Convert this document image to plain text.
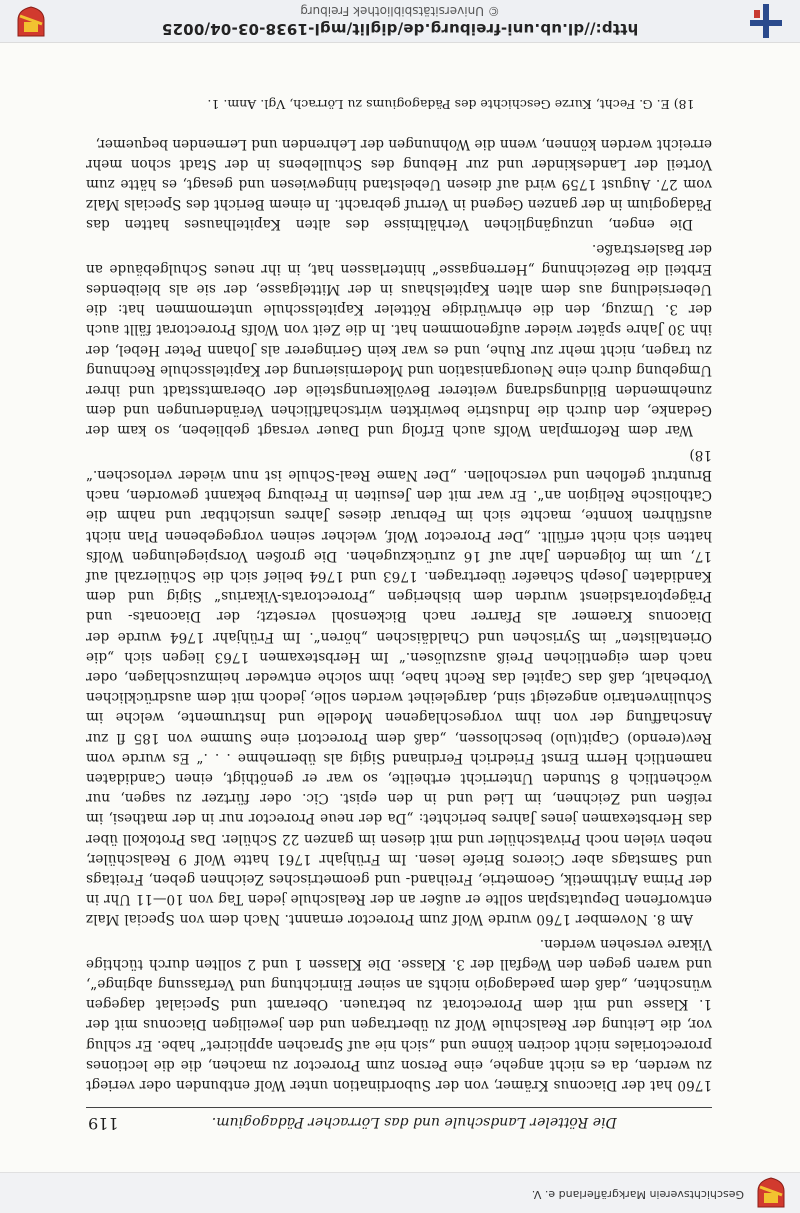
Geschichtsverein Markgräflerland e. V.
Die Rötteler Landschule und das Lörracher Pädagogium.
119

1760 hat der Diaconus Krämer, von der Subordination unter Wolf entbunden oder veriegt zu werden, da es nicht angehe, eine Person zum Prorector zu machen, die die lectiones prorectoriales nicht dociren könne und „sich nie auf Sprachen appliciret“ habe. Er schlug vor, die Leitung der Realschule Wolf zu übertragen und den jeweiligen Diaconus mit der 1. Klasse und mit dem Prorectorat zu betrauen. Oberamt und Specialat dagegen wünschten, „daß dem paedagogio nichts an seiner Einrichtung und Verfassung abginge“, und waren gegen den Wegfall der 3. Klasse. Die Klassen 1 und 2 sollten durch tüchtige Vikare versehen werden.

Am 8. November 1760 wurde Wolf zum Prorector ernannt. Nach dem von Special Malz entworfenen Deputatsplan sollte er außer an der Realschule jeden Tag von 10—11 Uhr in der Prima Arithmetik, Geometrie, Freihand- und geometrisches Zeichnen geben, Freitags und Samstags aber Ciceros Briefe lesen. Im Frühjahr 1761 hatte Wolf 9 Realschüler, neben vielen noch Privatschüler und mit diesen im ganzen 22 Schüler. Das Protokoll über das Herbstexamen jenes Jahres berichtet: „Da der neue Prorector nur in der mathesi, im reißen und Zeichnen, im Lied und in den epist. Cic. oder fürtzer zu sagen, nur wöchentlich 8 Stunden Unterricht ertheilte, so war er genöthigt, einen Candidaten namentlich Herrn Ernst Friedrich Ferdinand Sigig als übernehme . . .“ Es wurde vom Rev(erendo) Capit(ulo) beschlossen, „daß dem Prorectori eine Summe von 185 fl zur Anschaffung der von ihm vorgeschlagenen Modelle und Instrumente, welche im Schulinventario angezeigt sind, dargeleihet werden solle, jedoch mit dem ausdrücklichen Vorbehalt, daß das Capitel das Recht habe, ihm solche entweder heimzuschlagen, oder nach dem eigentlichen Preiß auszulösen.“ Im Herbstexamen 1763 liegen sich „die Orientalisten“ im Syrischen und Chaldäischen „hören“. Im Frühjahr 1764 wurde der Diaconus Kraemer als Pfarrer nach Bickensohl versetzt; der Diaconats- und Prägeptoratsdienst wurden dem bisherigen „Prorectorats-Vikarius“ Sigig und dem Kandidaten Joseph Schaefer übertragen. 1763 und 1764 belief sich die Schülerzahl auf 17, um im folgenden Jahr auf 16 zurückzugehen. Die großen Vorspiegelungen Wolfs hatten sich nicht erfüllt. „Der Prorector Wolf, welcher seinen vorgegebenen Plan nicht ausführen konnte, machte sich im Februar dieses Jahres unsichtbar und nahm die Catholische Religion an“. Er war mit den Jesuiten in Freiburg bekannt geworden, nach Bruntrut geflohen und verschollen. „Der Name Real-Schule ist nun wieder verloschen.“ 18)

War dem Reformplan Wolfs auch Erfolg und Dauer versagt geblieben, so kam der Gedanke, den durch die Industrie bewirkten wirtschaftlichen Veränderungen und dem zunehmenden Bildungsdrang weiterer Bevölkerungsteile der Oberamtsstadt und ihrer Umgebung durch eine Neuorganisation und Modernisierung der Kapitelsschule Rechnung zu tragen, nicht mehr zur Ruhe, und es war kein Geringerer als Johann Peter Hebel, der ihn 30 Jahre später wieder aufgenommen hat. In die Zeit von Wolfs Prorectorat fällt auch der 3. Umzug, den die ehrwürdige Rötteler Kapitelsschule unternommen hat: die Uebersiedlung aus dem alten Kapitelshaus in der Mittelgasse, der sie als bleibendes Erbteil die Bezeichnung „Herrengasse“ hinterlassen hat, in ihr neues Schulgebäude an der Baslerstraße.

Die engen, unzugänglichen Verhältnisse des alten Kapitelhauses hatten das Pädagogium in der ganzen Gegend in Verruf gebracht. In einem Bericht des Specials Malz vom 27. August 1759 wird auf diesen Uebelstand hingewiesen und gesagt, es hätte zum Vorteil der Landeskinder und zur Hebung des Schullebens in der Stadt schon mehr erreicht werden können, wenn die Wohnungen der Lehrenden und Lernenden bequemer,

18) E. G. Fecht, Kurze Geschichte des Pädagogiums zu Lörrach, Vgl. Anm. 1.
http://dl.ub.uni-freiburg.de/diglit/mgl-1938-03-04/0025
© Universitätsbibliothek Freiburg
